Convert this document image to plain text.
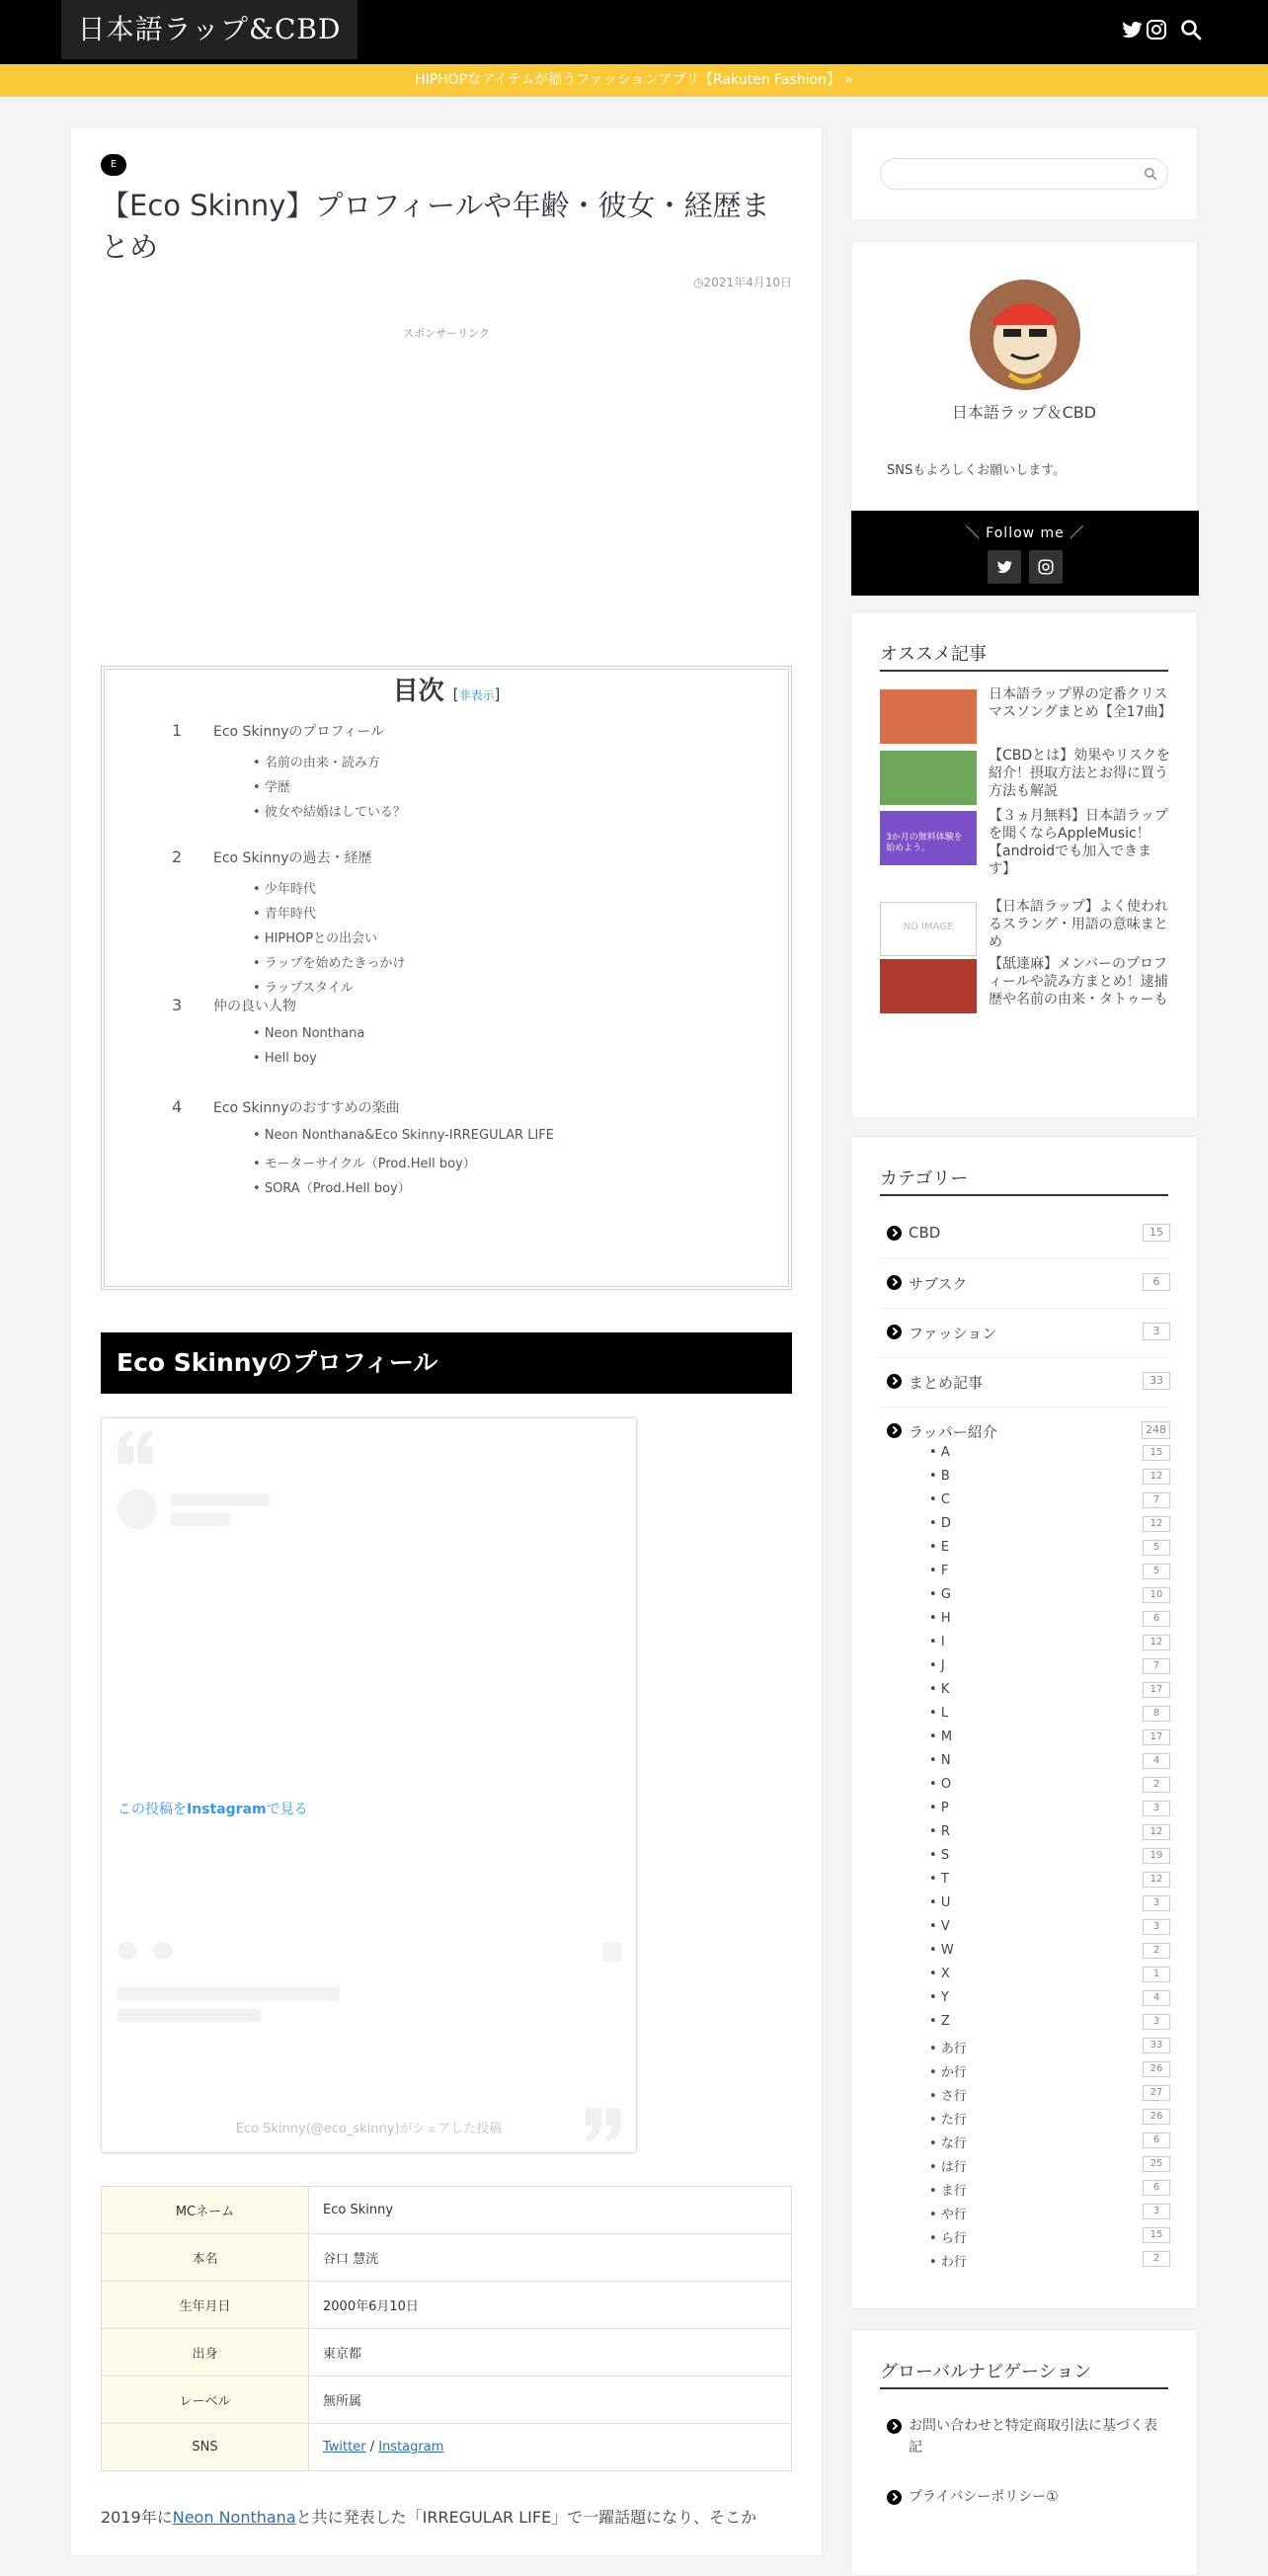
日本語ラップ&CBD
HIPHOPなアイテムが揃うファッションアプリ【Rakuten Fashion】 »
E
【Eco Skinny】プロフィールや年齢・彼女・経歴まとめ
◷2021年4月10日
スポンサーリンク
目次 [非表示]
1	Eco Skinnyのプロフィール
• 名前の由来・読み方
• 学歴
• 彼女や結婚はしている？
2	Eco Skinnyの過去・経歴
• 少年時代
• 青年時代
• HIPHOPとの出会い
• ラップを始めたきっかけ
• ラップスタイル
3	仲の良い人物
• Neon Nonthana
• Hell boy
4	Eco Skinnyのおすすめの楽曲
• Neon Nonthana&Eco Skinny-IRREGULAR LIFE
• モーターサイクル（Prod.Hell boy）
• SORA（Prod.Hell boy）
Eco Skinnyのプロフィール
この投稿をInstagramで見る
Eco Skinny(@eco_skinny)がシェアした投稿
MCネーム	Eco Skinny
本名	谷口 慧洸
生年月日	2000年6月10日
出身	東京都
レーベル	無所属
SNS	Twitter / Instagram

2019年にNeon Nonthanaと共に発表した「IRREGULAR LIFE」で一躍話題になり、そこか

日本語ラップ＆CBD
SNSもよろしくお願いします。
＼ Follow me ／
オススメ記事
日本語ラップ界の定番クリスマスソングまとめ【全17曲】
【CBDとは】効果やリスクを紹介！摂取方法とお得に買う方法も解説
3か月の無料体験を始めよう。
【３ヵ月無料】日本語ラップを聞くならAppleMusic！【androidでも加入できます】
NO IMAGE
【日本語ラップ】よく使われるスラング・用語の意味まとめ
【舐達麻】メンバーのプロフィールや読み方まとめ！逮捕歴や名前の由来・タトゥーも
カテゴリー
CBD	15
サブスク	6
ファッション	3
まとめ記事	33
ラッパー紹介	248
• A	15
• B	12
• C	7
• D	12
• E	5
• F	5
• G	10
• H	6
• I	12
• J	7
• K	17
• L	8
• M	17
• N	4
• O	2
• P	3
• R	12
• S	19
• T	12
• U	3
• V	3
• W	2
• X	1
• Y	4
• Z	3
• あ行	33
• か行	26
• さ行	27
• た行	26
• な行	6
• は行	25
• ま行	6
• や行	3
• ら行	15
• わ行	2
グローバルナビゲーション
お問い合わせと特定商取引法に基づく表記
プライバシーポリシー①
